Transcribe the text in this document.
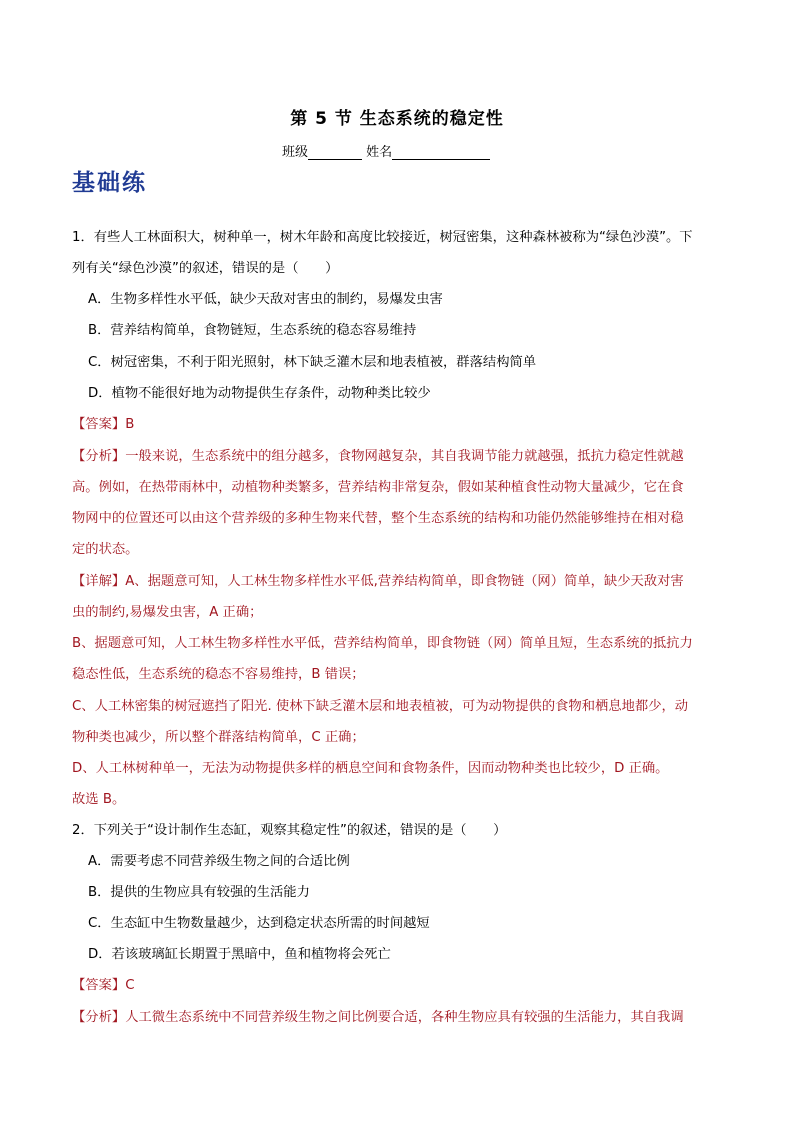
第 5 节 生态系统的稳定性
班级	姓名
基础练
1．有些人工林面积大，树种单一，树木年龄和高度比较接近，树冠密集，这种森林被称为“绿色沙漠”。下
列有关“绿色沙漠”的叙述，错误的是（　　）
A．生物多样性水平低，缺少天敌对害虫的制约，易爆发虫害
B．营养结构简单，食物链短，生态系统的稳态容易维持
C．树冠密集，不利于阳光照射，林下缺乏灌木层和地表植被，群落结构简单
D．植物不能很好地为动物提供生存条件，动物种类比较少
【答案】B
【分析】一般来说，生态系统中的组分越多，食物网越复杂，其自我调节能力就越强，抵抗力稳定性就越
高。例如，在热带雨林中，动植物种类繁多，营养结构非常复杂，假如某种植食性动物大量减少，它在食
物网中的位置还可以由这个营养级的多种生物来代替，整个生态系统的结构和功能仍然能够维持在相对稳
定的状态。
【详解】A、据题意可知，人工林生物多样性水平低,营养结构简单，即食物链（网）简单，缺少天敌对害
虫的制约,易爆发虫害，A 正确；
B、据题意可知，人工林生物多样性水平低，营养结构简单，即食物链（网）简单且短，生态系统的抵抗力
稳态性低，生态系统的稳态不容易维持，B 错误；
C、人工林密集的树冠遮挡了阳光. 使林下缺乏灌木层和地表植被，可为动物提供的食物和栖息地都少，动
物种类也减少，所以整个群落结构简单，C 正确；
D、人工林树种单一，无法为动物提供多样的栖息空间和食物条件，因而动物种类也比较少，D 正确。
故选 B。
2．下列关于“设计制作生态缸，观察其稳定性”的叙述，错误的是（　　）
A．需要考虑不同营养级生物之间的合适比例
B．提供的生物应具有较强的生活能力
C．生态缸中生物数量越少，达到稳定状态所需的时间越短
D．若该玻璃缸长期置于黑暗中，鱼和植物将会死亡
【答案】C
【分析】人工微生态系统中不同营养级生物之间比例要合适，各种生物应具有较强的生活能力，其自我调
